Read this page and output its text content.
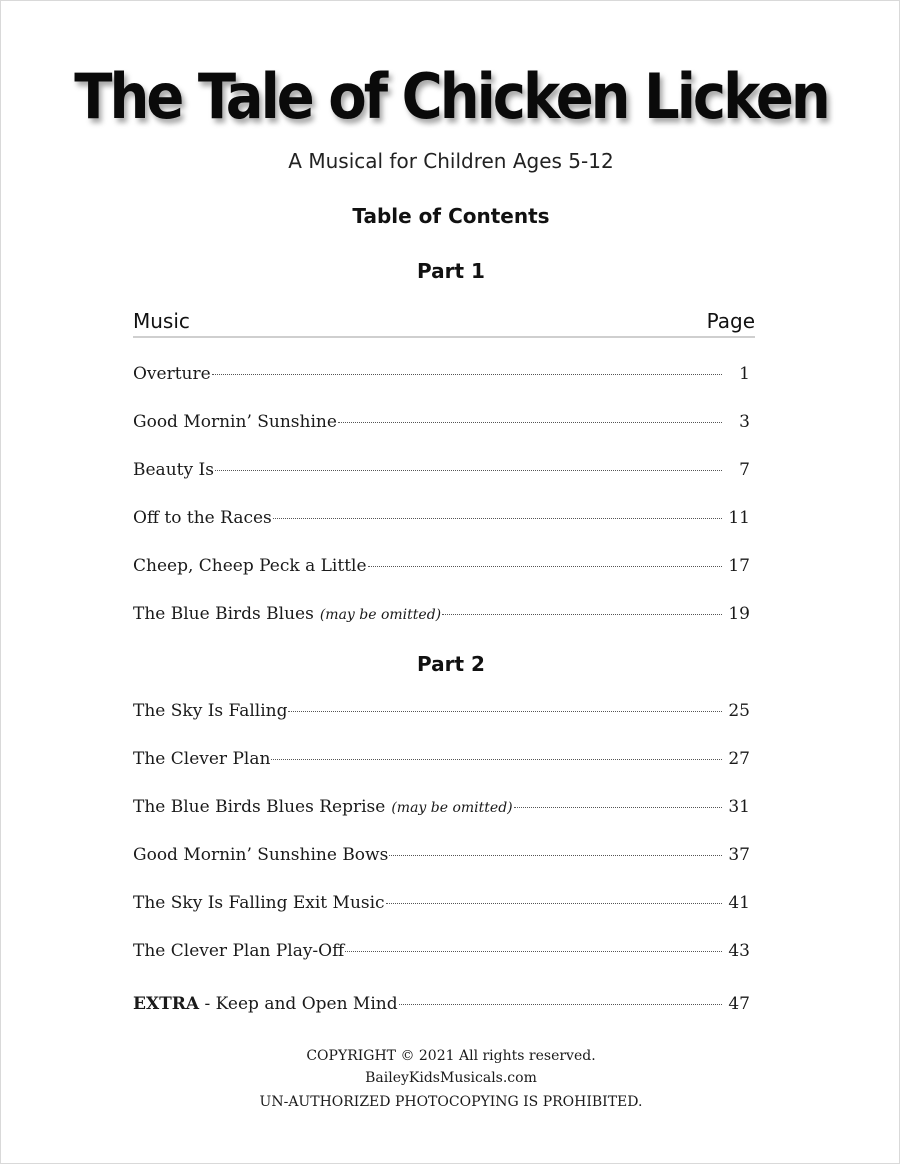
The Tale of Chicken Licken
A Musical for Children Ages 5-12
Table of Contents
Part 1
Music	Page
Overture	1
Good Mornin’ Sunshine	3
Beauty Is	7
Off to the Races	11
Cheep, Cheep Peck a Little	17
The Blue Birds Blues (may be omitted)	19
Part 2
The Sky Is Falling	25
The Clever Plan	27
The Blue Birds Blues Reprise (may be omitted)	31
Good Mornin’ Sunshine Bows	37
The Sky Is Falling Exit Music	41
The Clever Plan Play-Off	43
EXTRA - Keep and Open Mind	47
COPYRIGHT © 2021 All rights reserved.
BaileyKidsMusicals.com
UN-AUTHORIZED PHOTOCOPYING IS PROHIBITED.
